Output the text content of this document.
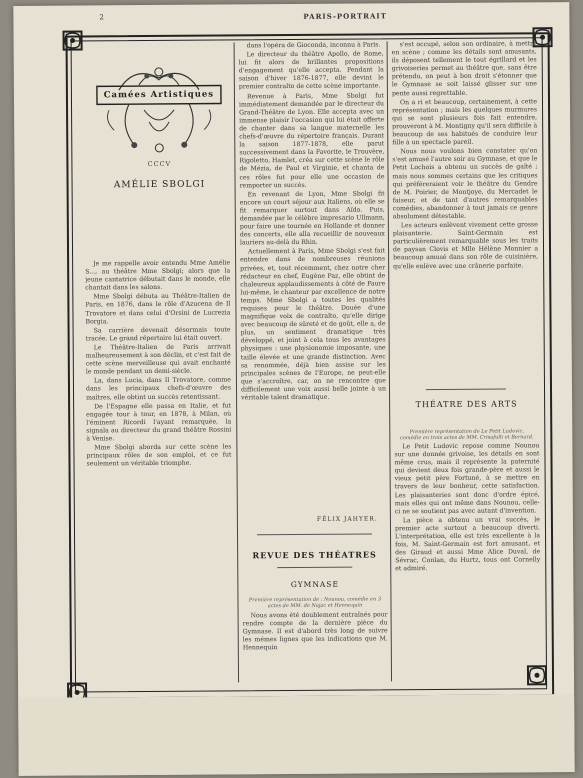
2	PARIS-PORTRAIT
Camées Artistiques
CCCV
AMÉLIE SBOLGI

Je me rappelle avoir entendu Mme Amélie S..., au théâtre Mme Sbolgi; alors que la jeune cantatrice débutait dans le monde, elle chantait dans les salons.

Mme Sbolgi débuta au Théâtre-Italien de Paris, en 1876, dans le rôle d'Azucena de Il Trovatore et dans celui d'Orsini de Lucrezia Borgia.

Sa carrière devenait désormais toute tracée. Le grand répertoire lui était ouvert.

Le Théâtre-Italien de Paris arrivait malheureusement à son déclin, et c'est fait de cette scène merveilleuse qui avait enchanté le monde pendant un demi-siècle.

La, dans Lucia, dans Il Trovatore, comme dans les principaux chefs-d'œuvre des maîtres, elle obtint un succès retentissant.

De l'Espagne elle passa en Italie, et fut engagée tour à tour, en 1878, à Milan, où l'éminent Ricordi l'ayant remarquée, la signala au directeur du grand théâtre Rossini à Venise.

Mme Sbolgi aborda sur cette scène les principaux rôles de son emploi, et ce fut seulement un véritable triomphe.

dans l'opéra de Gioconda, inconnu à Paris.

Le directeur du théâtre Apollo, de Rome, lui fit alors de brillantes propositions d'engagement qu'elle accepta. Pendant la saison d'hiver 1876-1877, elle devint le premier contralto de cette scène importante.

Revenue à Paris, Mme Sbolgi fut immédiatement demandée par le directeur du Grand-Théâtre de Lyon. Elle accepta avec un immense plaisir l'occasion qui lui était offerte de chanter dans sa langue maternelle les chefs-d'œuvre du répertoire français. Durant la saison 1877-1878, elle parut successivement dans la Favorite, le Trouvère, Rigoletto, Hamlet, créa sur cette scène le rôle de Mézia, de Paul et Virginie, et chanta de ces rôles fut pour elle une occasion de remporter un succès.

En revenant de Lyon, Mme Sbolgi fit encore un court séjour aux Italiens, où elle se fit remarquer surtout dans Aïda. Puis, demandée par le célèbre impresario Ullmann, pour faire une tournée en Hollande et donner des concerts, elle alla recueillir de nouveaux lauriers au-delà du Rhin.

Actuellement à Paris, Mme Sbolgi s'est fait entendre dans de nombreuses réunions privées, et, tout récemment, chez notre cher rédacteur en chef, Eugène Paz, elle obtint de chaleureux applaudissements à côté de Faure lui-même, le chanteur par excellence de notre temps. Mme Sbolgi a toutes les qualités requises pour le théâtre. Douée d'une magnifique voix de contralto, qu'elle dirige avec beaucoup de sûreté et de goût, elle a, de plus, un sentiment dramatique très développé, et joint à cela tous les avantages physiques : une physionomie imposante, une taille élevée et une grande distinction. Avec sa renommée, déjà bien assise sur les principales scènes de l'Europe, ne peut-elle que s'accroître, car, on ne rencontre que difficilement une voix aussi belle jointe à un véritable talent dramatique.

FÉLIX JAHYER.
REVUE DES THÉATRES
GYMNASE
Première représentation de : Nounou, comédie en 3 actes de MM. de Najac et Hennequin

Nous avons été doublement entraînés pour rendre compte de la dernière pièce du Gymnase. Il est d'abord très long de suivre les mémes lignes que les indications que M. Hennequin

s'est occupé, selon son ordinaire, à mettre en scène ; comme les détails sont amusants, ils déposent tellement le tout égrillard et les grivoiseries permet au théâtre que, sans être prétendu, on peut à bon droit s'étonner que le Gymnase se soit laissé glisser sur une pente aussi regrettable.

On a ri et beaucoup, certainement, à cette représentation ; mais les quelques murmures qui se sont plusieurs fois fait entendre, prouveront à M. Montigny qu'il sera difficile à beaucoup de ses habitués de conduire leur fille à un spectacle pareil.

Nous nous voulons bien constater qu'on s'est amusé l'autre soir au Gymnase, et que le Petit Lochois a obtenu un succès de gaîté ; mais nous sommes certains que les critiques qui préféreraient voir le théâtre du Gendre de M. Poirier, de Montjoye, du Mercadet le faiseur, et de tant d'autres remarquables comédies, abandonner à tout jamais ce genre absolument détestable.

Les acteurs enlèvent vivement cette grosse plaisanterie. Saint-Germain est particulièrement remarquable sous les traits de paysan Clovis et Mlle Hélène Monnier a beaucoup amusé dans son rôle de cuisinière, qu'elle enlève avec une crânerie parfaite.

THÉATRE DES ARTS
Première représentation de Le Petit Ludovic, comédie en trois actes de MM. Crisafulli et Bernard.

Le Petit Ludovic repose comme Nounou sur une donnée grivoise, les détails en sont même crus, mais il représente la paternité qui devient deux fois grande-père et aussi le vieux petit père Fortuné, à se mettre en travers de leur bonheur, cette satisfaction. Les plaisanteries sont donc d'ordre épicé, mais elles qui ont même dans Nounou, celle-ci ne se soutient pas avec autant d'invention.

La pièce a obtenu un vrai succès, le premier acte surtout a beaucoup diverti. L'interprétation, elle est très excellente à la fois, M. Saint-Germain est fort amusant, et des Giraud et aussi Mme Alice Duval, de Sévrac, Conlan, du Hurtz, tous ont Cornelly et admiré.
